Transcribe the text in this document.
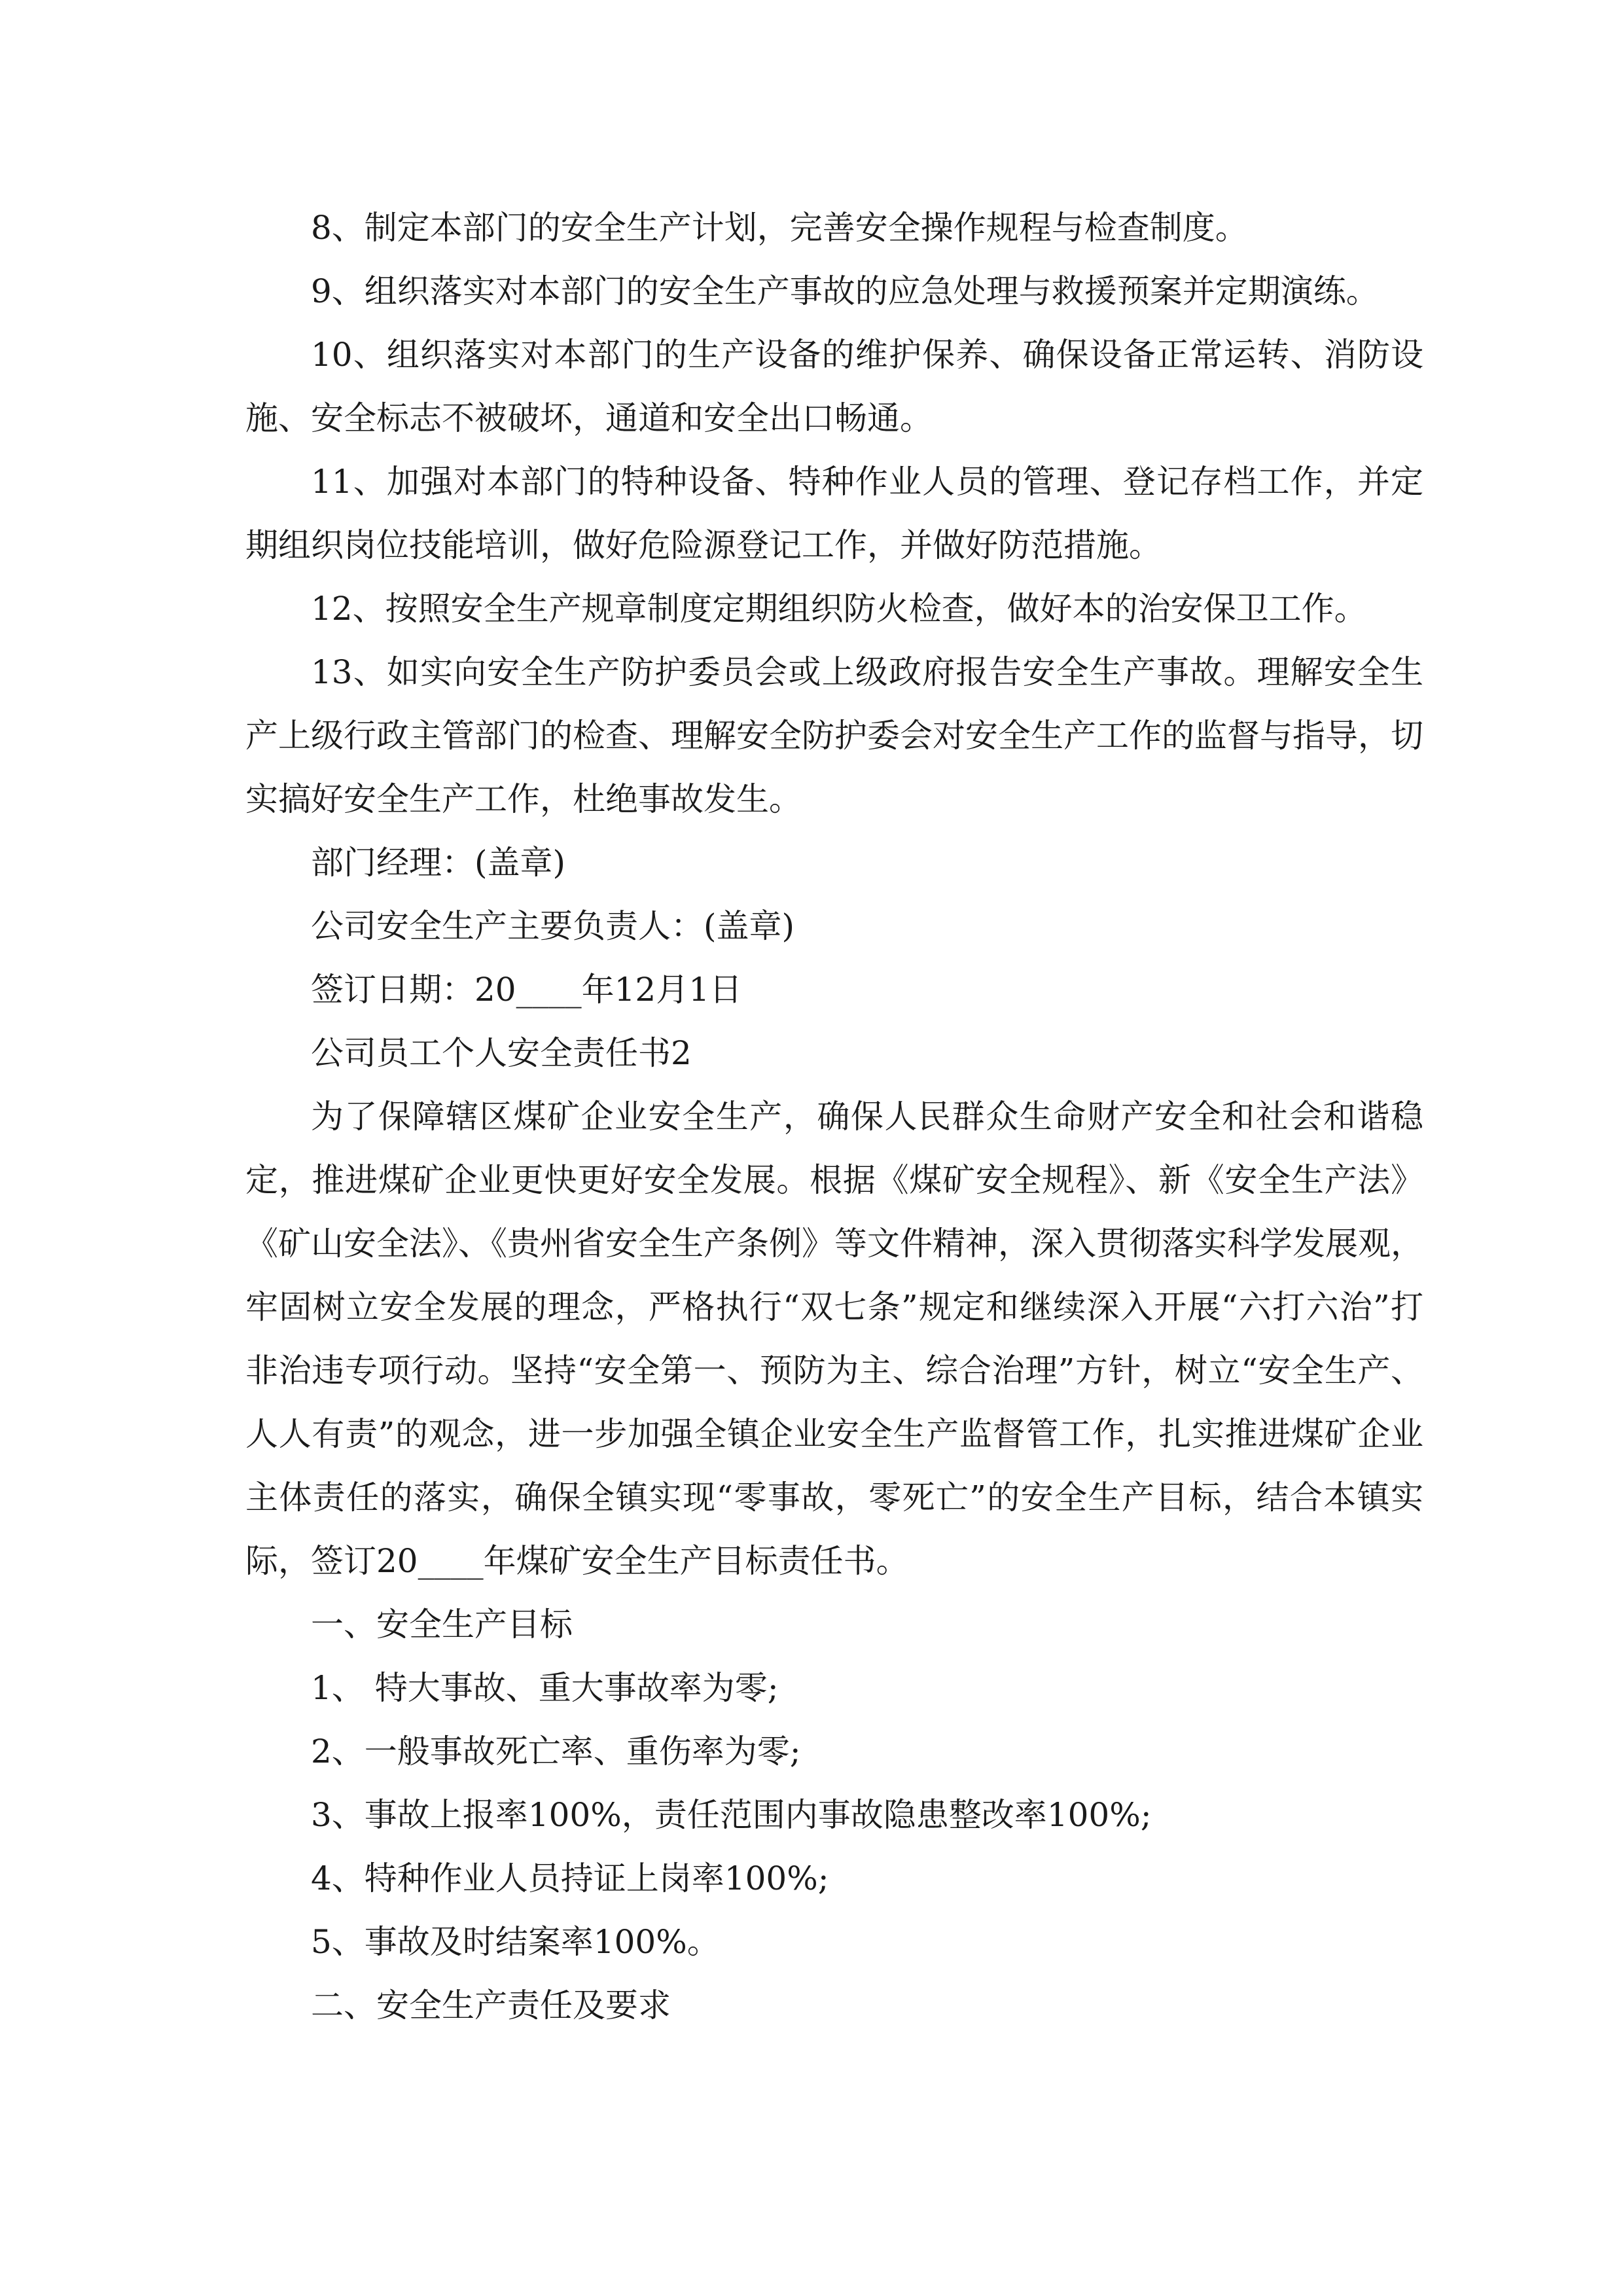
8、制定本部门的安全生产计划，完善安全操作规程与检查制度。

9、组织落实对本部门的安全生产事故的应急处理与救援预案并定期演练。

10、组织落实对本部门的生产设备的维护保养、确保设备正常运转、消防设施、安全标志不被破坏，通道和安全出口畅通。

11、加强对本部门的特种设备、特种作业人员的管理、登记存档工作，并定期组织岗位技能培训，做好危险源登记工作，并做好防范措施。

12、按照安全生产规章制度定期组织防火检查，做好本的治安保卫工作。

13、如实向安全生产防护委员会或上级政府报告安全生产事故。理解安全生产上级行政主管部门的检查、理解安全防护委会对安全生产工作的监督与指导，切实搞好安全生产工作，杜绝事故发生。

部门经理：(盖章)

公司安全生产主要负责人：(盖章)

签订日期：20____年12月1日

公司员工个人安全责任书2

为了保障辖区煤矿企业安全生产，确保人民群众生命财产安全和社会和谐稳定，推进煤矿企业更快更好安全发展。根据《煤矿安全规程》、新《安全生产法》《矿山安全法》、《贵州省安全生产条例》等文件精神，深入贯彻落实科学发展观，牢固树立安全发展的理念，严格执行“双七条”规定和继续深入开展“六打六治”打非治违专项行动。坚持“安全第一、预防为主、综合治理”方针，树立“安全生产、人人有责”的观念，进一步加强全镇企业安全生产监督管工作，扎实推进煤矿企业主体责任的落实，确保全镇实现“零事故，零死亡”的安全生产目标，结合本镇实际，签订20____年煤矿安全生产目标责任书。

一、安全生产目标

1、 特大事故、重大事故率为零;

2、一般事故死亡率、重伤率为零;

3、事故上报率100%，责任范围内事故隐患整改率100%;

4、特种作业人员持证上岗率100%;

5、事故及时结案率100%。

二、安全生产责任及要求
